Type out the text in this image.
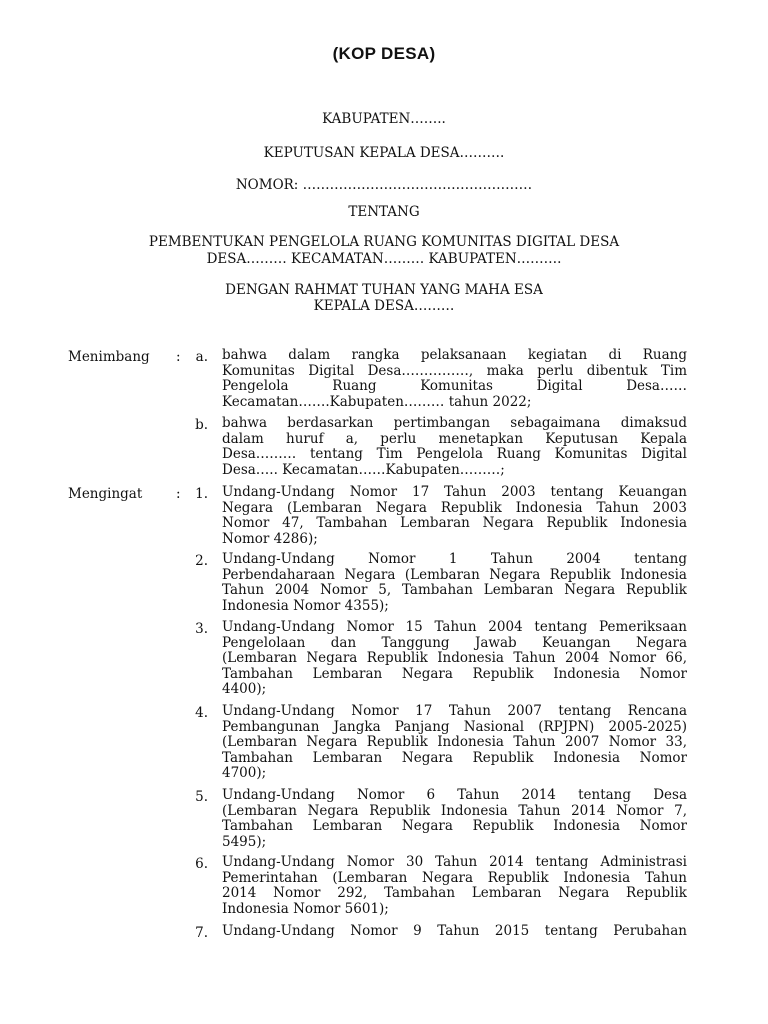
(KOP DESA)
KABUPATEN……..
KEPUTUSAN KEPALA DESA……….
NOMOR: ……………………………………………
TENTANG
PEMBENTUKAN PENGELOLA RUANG KOMUNITAS DIGITAL DESA
DESA……… KECAMATAN……… KABUPATEN……….
DENGAN RAHMAT TUHAN YANG MAHA ESA
KEPALA DESA………
Menimbang :	a. bahwa dalam rangka pelaksanaan kegiatan di Ruang
Komunitas Digital Desa……………, maka perlu dibentuk Tim
Pengelola Ruang Komunitas Digital Desa……
Kecamatan…….Kabupaten……… tahun 2022;
b. bahwa berdasarkan pertimbangan sebagaimana dimaksud
dalam huruf a, perlu menetapkan Keputusan Kepala
Desa……… tentang Tim Pengelola Ruang Komunitas Digital
Desa….. Kecamatan……Kabupaten………;
Mengingat :	1. Undang-Undang Nomor 17 Tahun 2003 tentang Keuangan
Negara (Lembaran Negara Republik Indonesia Tahun 2003
Nomor 47, Tambahan Lembaran Negara Republik Indonesia
Nomor 4286);
2. Undang-Undang Nomor 1 Tahun 2004 tentang
Perbendaharaan Negara (Lembaran Negara Republik Indonesia
Tahun 2004 Nomor 5, Tambahan Lembaran Negara Republik
Indonesia Nomor 4355);
3. Undang-Undang Nomor 15 Tahun 2004 tentang Pemeriksaan
Pengelolaan dan Tanggung Jawab Keuangan Negara
(Lembaran Negara Republik Indonesia Tahun 2004 Nomor 66,
Tambahan Lembaran Negara Republik Indonesia Nomor
4400);
4. Undang-Undang Nomor 17 Tahun 2007 tentang Rencana
Pembangunan Jangka Panjang Nasional (RPJPN) 2005-2025)
(Lembaran Negara Republik Indonesia Tahun 2007 Nomor 33,
Tambahan Lembaran Negara Republik Indonesia Nomor
4700);
5. Undang-Undang Nomor 6 Tahun 2014 tentang Desa
(Lembaran Negara Republik Indonesia Tahun 2014 Nomor 7,
Tambahan Lembaran Negara Republik Indonesia Nomor
5495);
6. Undang-Undang Nomor 30 Tahun 2014 tentang Administrasi
Pemerintahan (Lembaran Negara Republik Indonesia Tahun
2014 Nomor 292, Tambahan Lembaran Negara Republik
Indonesia Nomor 5601);
7. Undang-Undang Nomor 9 Tahun 2015 tentang Perubahan
